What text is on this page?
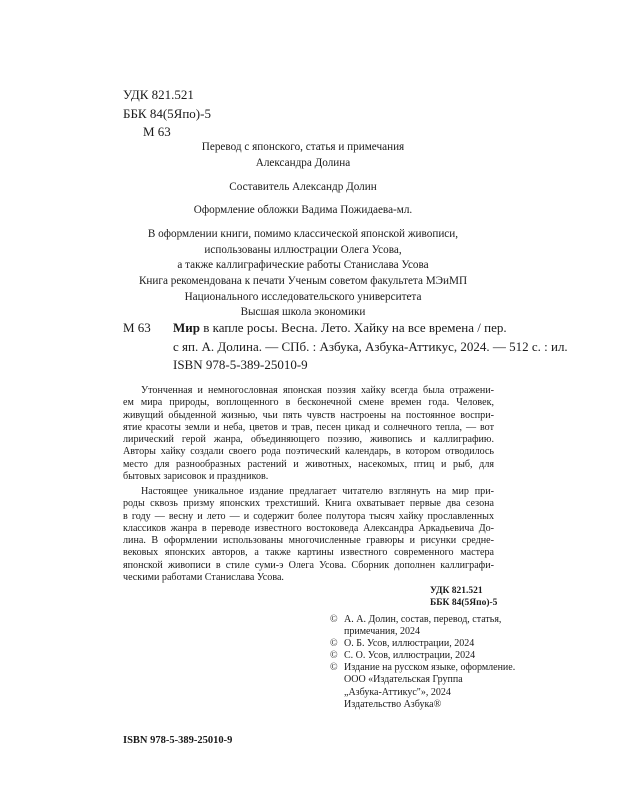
УДК 821.521
ББК 84(5Япо)-5
М 63
Перевод с японского, статья и примечания
Александра Долина
Составитель Александр Долин
Оформление обложки Вадима Пожидаева-мл.
В оформлении книги, помимо классической японской живописи,
использованы иллюстрации Олега Усова,
а также каллиграфические работы Станислава Усова
Книга рекомендована к печати Ученым советом факультета МЭиМП
Национального исследовательского университета
Высшая школа экономики
М 63 Мир в капле росы. Весна. Лето. Хайку на все времена / пер.
с яп. А. Долина. — СПб. : Азбука, Азбука-Аттикус, 2024. — 512 с. : ил.
ISBN 978-5-389-25010-9
Утонченная и немногословная японская поэзия хайку всегда была отражени-
ем мира природы, воплощенного в бесконечной смене времен года. Человек,
живущий обыденной жизнью, чьи пять чувств настроены на постоянное воспри-
ятие красоты земли и неба, цветов и трав, песен цикад и солнечного тепла, — вот
лирический герой жанра, объединяющего поэзию, живопись и каллиграфию.
Авторы хайку создали своего рода поэтический календарь, в котором отводилось
место для разнообразных растений и животных, насекомых, птиц и рыб, для
бытовых зарисовок и праздников.
Настоящее уникальное издание предлагает читателю взглянуть на мир при-
роды сквозь призму японских трехстиший. Книга охватывает первые два сезона
в году — весну и лето — и содержит более полутора тысяч хайку прославленных
классиков жанра в переводе известного востоковеда Александра Аркадьевича До-
лина. В оформлении использованы многочисленные гравюры и рисунки средне-
вековых японских авторов, а также картины известного современного мастера
японской живописи в стиле суми-э Олега Усова. Сборник дополнен каллиграфи-
ческими работами Станислава Усова.
УДК 821.521
ББК 84(5Япо)-5
© А. А. Долин, состав, перевод, статья,
примечания, 2024
© О. Б. Усов, иллюстрации, 2024
© С. О. Усов, иллюстрации, 2024
© Издание на русском языке, оформление.
ООО «Издательская Группа
„Азбука-Аттикус"», 2024
Издательство Азбука®
ISBN 978-5-389-25010-9
